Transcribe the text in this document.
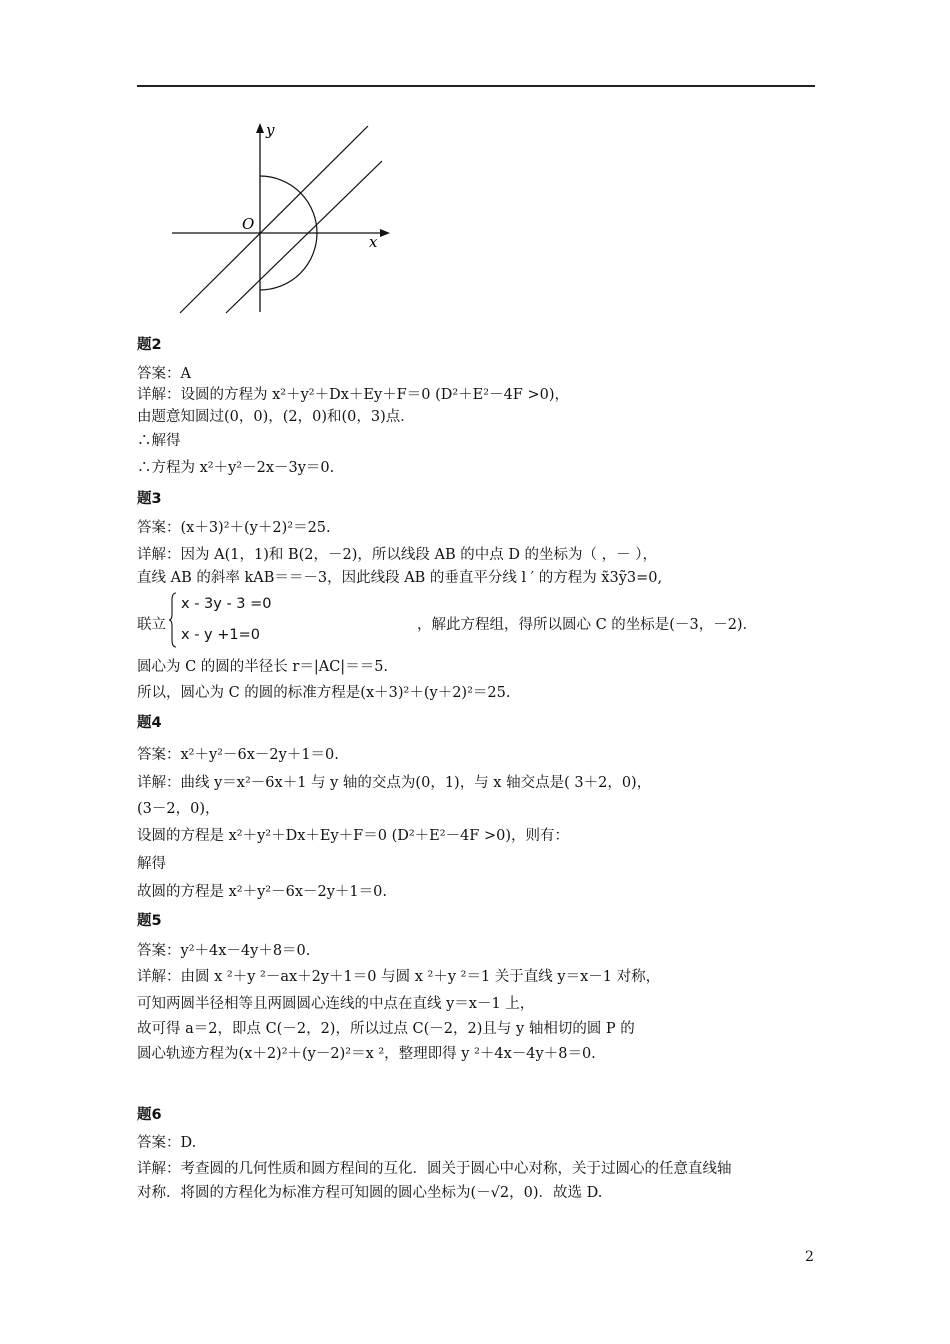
y
x
O
题2
答案：A
详解：设圆的方程为 x²＋y²＋Dx＋Ey＋F＝0 (D²＋E²－4F >0)，
由题意知圆过(0，0)，(2，0)和(0，3)点．
∴解得
∴方程为 x²＋y²－2x－3y＝0.
题3
答案：(x＋3)²＋(y＋2)²＝25.
详解：因为 A(1，1)和 B(2，－2)，所以线段 AB 的中点 D 的坐标为（ ，－ ），
直线 AB 的斜率 kAB＝＝－3，因此线段 AB 的垂直平分线 l ′ 的方程为 x̃3ỹ3=0,
圆心为 C 的圆的半径长 r＝|AC|＝＝5.
所以，圆心为 C 的圆的标准方程是(x＋3)²＋(y＋2)²＝25.
题4
答案：x²＋y²－6x－2y＋1＝0.
详解：曲线 y＝x²－6x＋1 与 y 轴的交点为(0，1)，与 x 轴交点是( 3＋2，0)，
(3－2，0)，
设圆的方程是 x²＋y²＋Dx＋Ey＋F＝0 (D²＋E²－4F >0)，则有：
解得
故圆的方程是 x²＋y²－6x－2y＋1＝0.
题5
答案：y²＋4x－4y＋8＝0.
详解：由圆 x ²＋y ²－ax＋2y＋1＝0 与圆 x ²＋y ²＝1 关于直线 y＝x－1 对称，
可知两圆半径相等且两圆圆心连线的中点在直线 y＝x－1 上，
故可得 a＝2，即点 C(－2，2)，所以过点 C(－2，2)且与 y 轴相切的圆 P 的
圆心轨迹方程为(x＋2)²＋(y－2)²＝x ²，整理即得 y ²＋4x－4y＋8＝0.
题6
答案：D.
详解：考查圆的几何性质和圆方程间的互化．圆关于圆心中心对称，关于过圆心的任意直线轴
对称．将圆的方程化为标准方程可知圆的圆心坐标为(－√2，0)．故选 D.
联立
x - 3y - 3 =0
x - y +1=0
，解此方程组，得所以圆心 C 的坐标是(－3，－2)．
2
